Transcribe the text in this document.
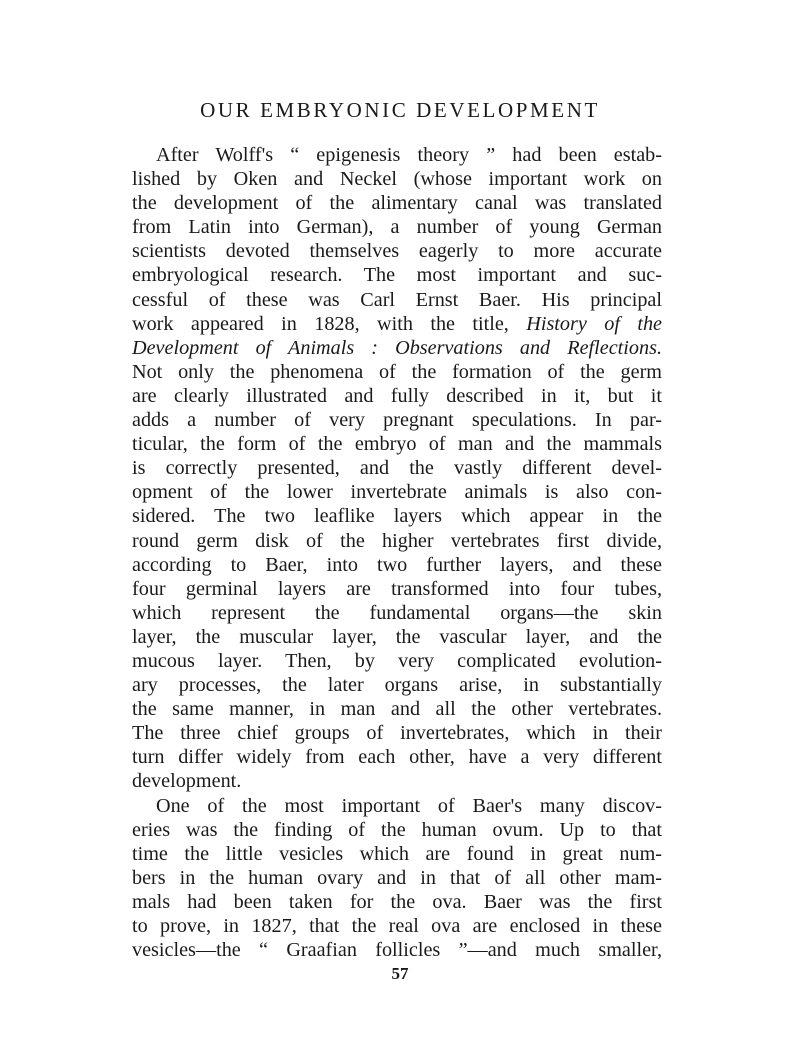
OUR EMBRYONIC DEVELOPMENT
After Wolff's “ epigenesis theory ” had been estab-
lished by Oken and Neckel (whose important work on
the development of the alimentary canal was translated
from Latin into German), a number of young German
scientists devoted themselves eagerly to more accurate
embryological research. The most important and suc-
cessful of these was Carl Ernst Baer. His principal
work appeared in 1828, with the title, History of the
Development of Animals : Observations and Reflections.
Not only the phenomena of the formation of the germ
are clearly illustrated and fully described in it, but it
adds a number of very pregnant speculations. In par-
ticular, the form of the embryo of man and the mammals
is correctly presented, and the vastly different devel-
opment of the lower invertebrate animals is also con-
sidered. The two leaflike layers which appear in the
round germ disk of the higher vertebrates first divide,
according to Baer, into two further layers, and these
four germinal layers are transformed into four tubes,
which represent the fundamental organs—the skin
layer, the muscular layer, the vascular layer, and the
mucous layer. Then, by very complicated evolution-
ary processes, the later organs arise, in substantially
the same manner, in man and all the other vertebrates.
The three chief groups of invertebrates, which in their
turn differ widely from each other, have a very different
development.
One of the most important of Baer's many discov-
eries was the finding of the human ovum. Up to that
time the little vesicles which are found in great num-
bers in the human ovary and in that of all other mam-
mals had been taken for the ova. Baer was the first
to prove, in 1827, that the real ova are enclosed in these
vesicles—the “ Graafian follicles ”—and much smaller,
57
